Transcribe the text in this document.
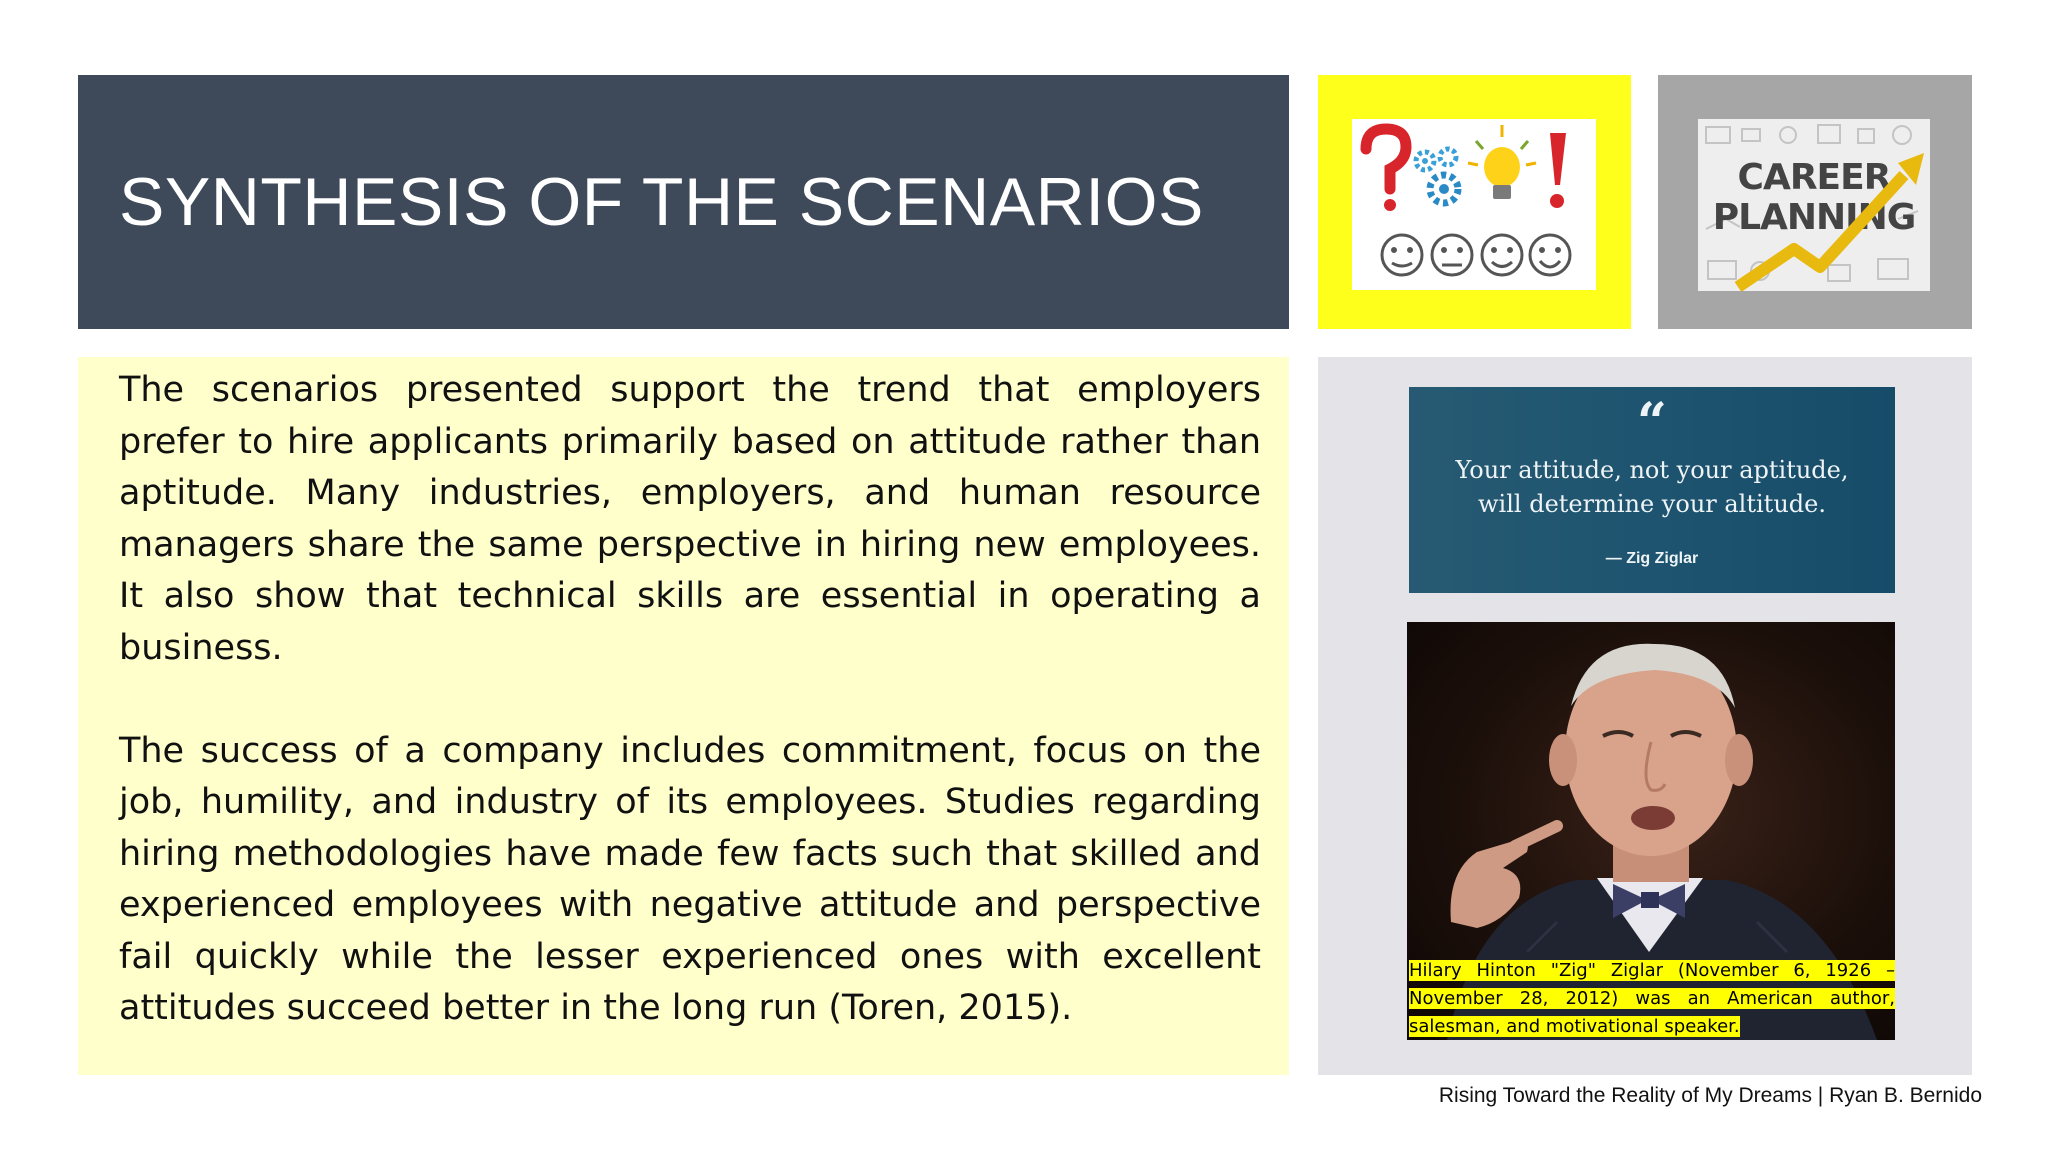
SYNTHESIS OF THE SCENARIOS	CAREER
PLANNING

The scenarios presented support the trend that employers prefer to hire applicants primarily based on attitude rather than aptitude. Many industries, employers, and human resource managers share the same perspective in hiring new employees. It also show that technical skills are essential in operating a business.

The success of a company includes commitment, focus on the job, humility, and industry of its employees. Studies regarding hiring methodologies have made few facts such that skilled and experienced employees with negative attitude and perspective fail quickly while the lesser experienced ones with excellent attitudes succeed better in the long run (Toren, 2015).

“
Your attitude, not your aptitude,
will determine your altitude.
— Zig Ziglar
Hilary Hinton "Zig" Ziglar (November 6, 1926 – November 28, 2012) was an American author, salesman, and motivational speaker.
Rising Toward the Reality of My Dreams | Ryan B. Bernido
